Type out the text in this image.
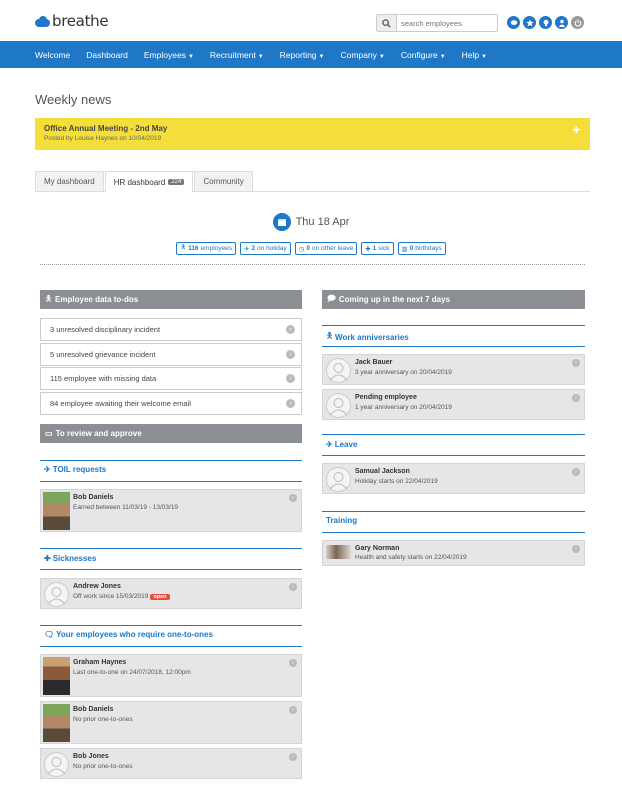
breathe
search employees
Welcome Dashboard Employees ▼ Recruitment ▼ Reporting ▼ Company ▼ Configure ▼ Help ▼
Weekly news
Office Annual Meeting - 2nd May
Posted by Louise Haynes on 10/04/2019
✚
My dashboard HR dashboard	224	Community
Thu 18 Apr
🯅 116 employees ✈ 2 on holiday ◷ 0 on other leave ✚ 1 sick ▥ 0 birthdays
🯅 Employee data to-dos
3 unresolved disciplinary incident	›
5 unresolved grievance incident	›
115 employee with missing data	›
84 employee awaiting their welcome email	›
▭ To review and approve
✈ TOIL requests
Bob Daniels
Earned between 11/03/19 - 13/03/19
›
✚ Sicknesses
Andrew Jones
Off work since 15/03/2019 open
›
🗨 Your employees who require one-to-ones
Graham Haynes
Last one-to-one on 24/07/2018, 12:00pm
›
Bob Daniels
No prior one-to-ones
›
Bob Jones
No prior one-to-ones
›
🗩 Coming up in the next 7 days
🯅 Work anniversaries
Jack Bauer
3 year anniversary on 20/04/2019
›
Pending employee
1 year anniversary on 20/04/2019
›
✈ Leave
Samual Jackson
Holiday starts on 22/04/2019
›
Training
Gary Norman
Health and safety starts on 22/04/2019
›
